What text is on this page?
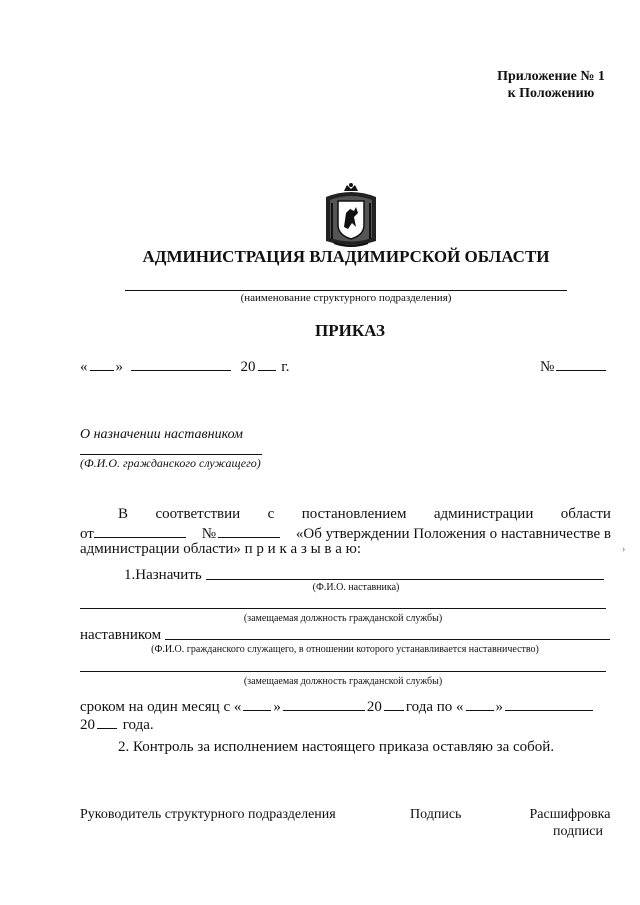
Приложение № 1
к Положению
АДМИНИСТРАЦИЯ ВЛАДИМИРСКОЙ ОБЛАСТИ
(наименование структурного подразделения)
ПРИКАЗ
« »	20 г.	№
О назначении наставником
(Ф.И.О. гражданского служащего)
В соответствии с постановлением администрации области
от	№	«Об утверждении Положения о наставничестве в
администрации области» п р и к а з ы в а ю:
1.Назначить
(Ф.И.О. наставника)
(замещаемая должность гражданской службы)
наставником
(Ф.И.О. гражданского служащего, в отношении которого устанавливается наставничество)
(замещаемая должность гражданской службы)
сроком на один месяц с « »	20 года по « »
20 года.
2. Контроль за исполнением настоящего приказа оставляю за собой.
Руководитель структурного подразделения	Подпись	Расшифровка
подписи
›
